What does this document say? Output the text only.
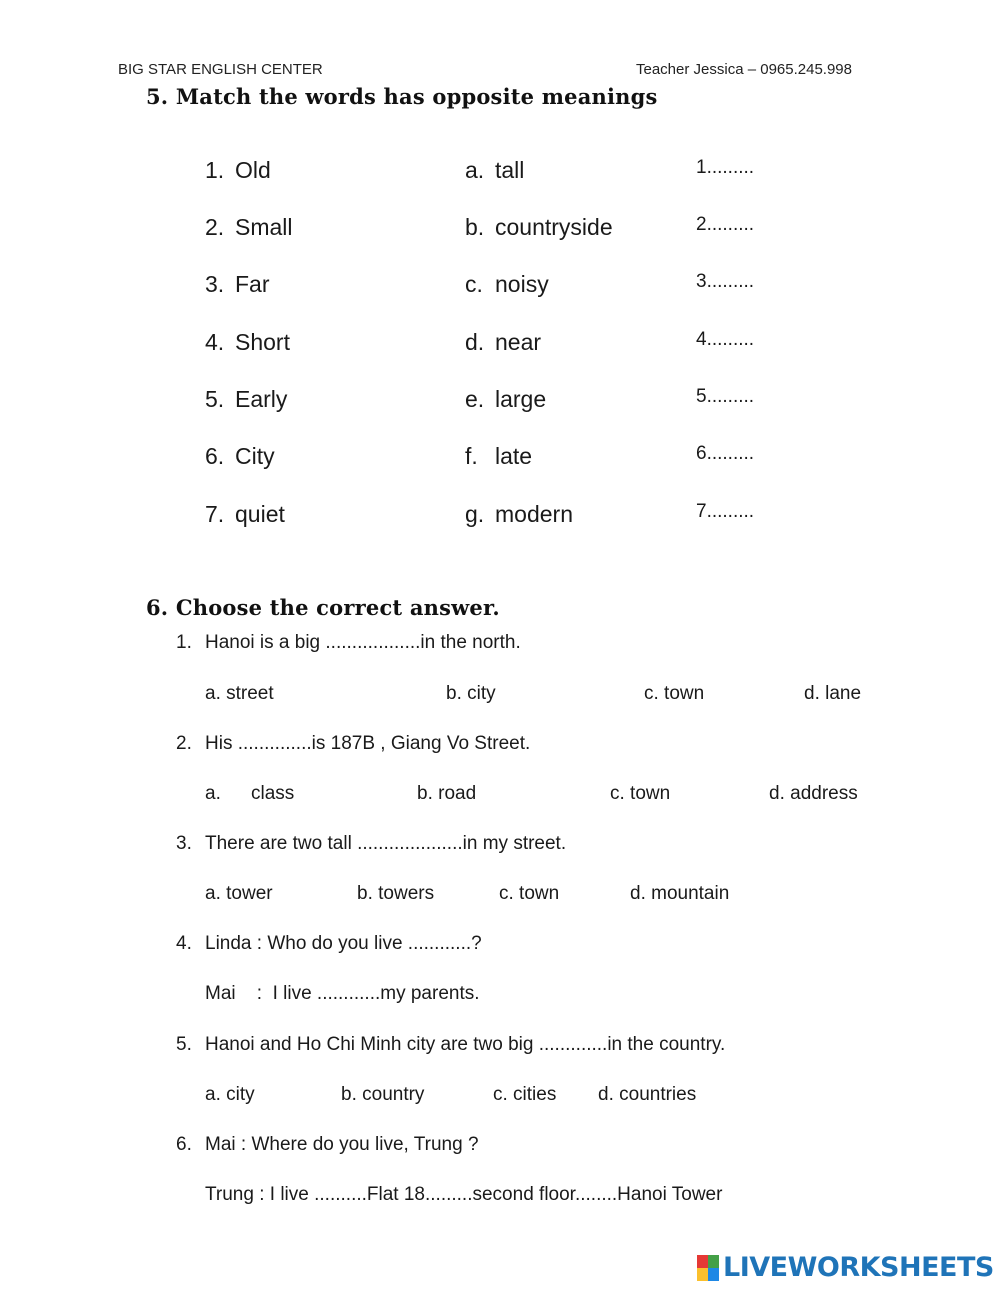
BIG STAR ENGLISH CENTER	Teacher Jessica – 0965.245.998
5. Match the words has opposite meanings
1. Old	a. tall	1.........
2. Small	b. countryside	2.........
3. Far	c. noisy	3.........
4. Short	d. near	4.........
5. Early	e. large	5.........
6. City	f. late	6.........
7. quiet	g. modern	7.........
6. Choose the correct answer.
1. Hanoi is a big ..................in the north.
a. street	b. city	c. town	d. lane
2. His ..............is 187B , Giang Vo Street.
a. class	b. road	c. town	d. address
3. There are two tall ....................in my street.
a. tower	b. towers	c. town	d. mountain
4. Linda : Who do you live ............?
Mai    :  I live ............my parents.
5. Hanoi and Ho Chi Minh city are two big .............in the country.
a. city	b. country	c. cities d. countries
6. Mai : Where do you live, Trung ?
Trung : I live ..........Flat 18.........second floor........Hanoi Tower
LIVEWORKSHEETS
